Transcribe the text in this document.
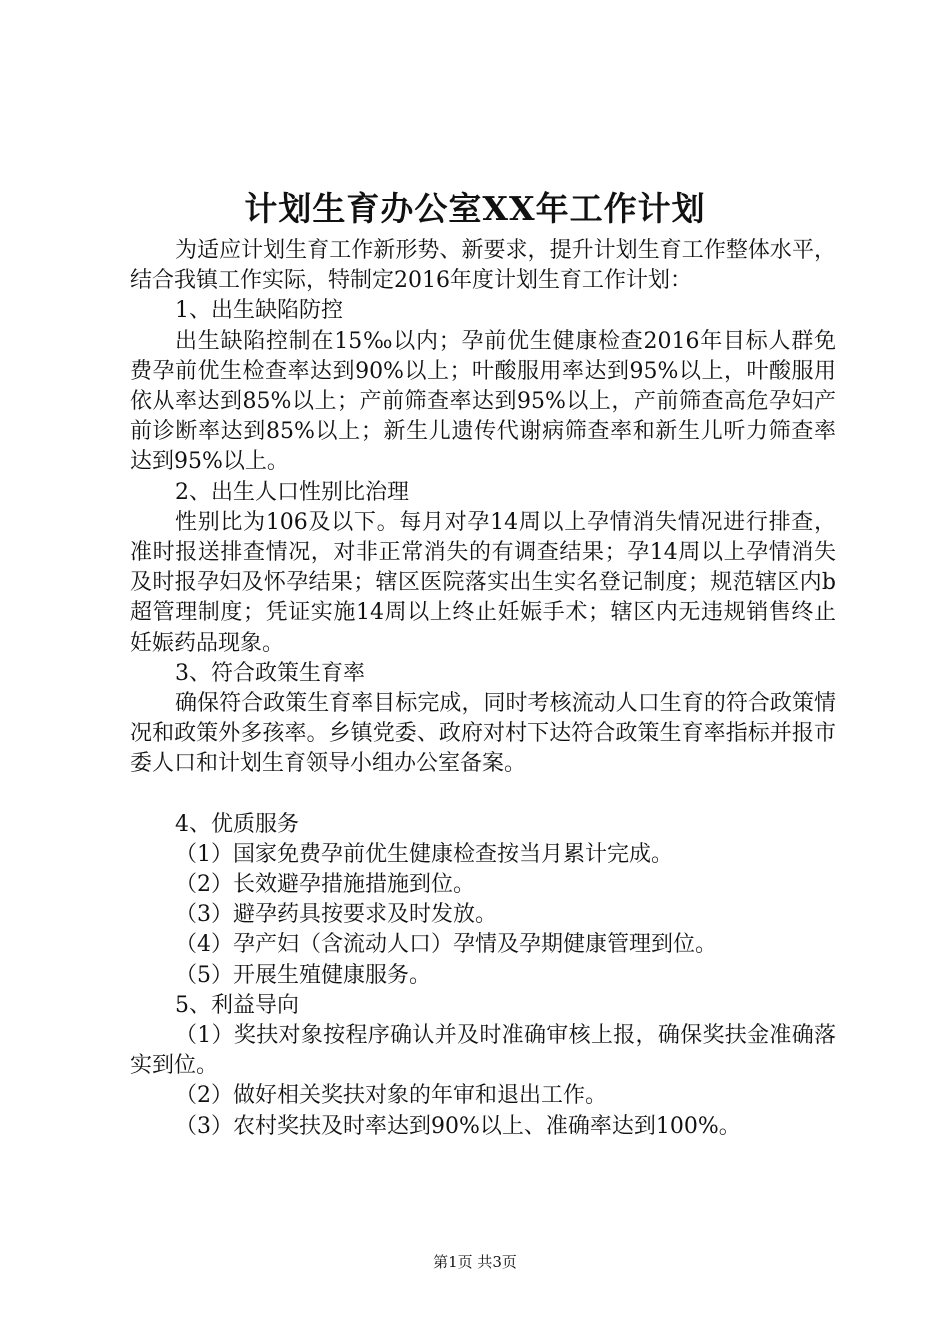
计划生育办公室XX年工作计划

为适应计划生育工作新形势、新要求，提升计划生育工作整体水平，结合我镇工作实际，特制定2016年度计划生育工作计划：

1、出生缺陷防控

出生缺陷控制在15‰以内；孕前优生健康检查2016年目标人群免费孕前优生检查率达到90%以上；叶酸服用率达到95%以上，叶酸服用依从率达到85%以上；产前筛查率达到95%以上，产前筛查高危孕妇产前诊断率达到85%以上；新生儿遗传代谢病筛查率和新生儿听力筛查率达到95%以上。

2、出生人口性别比治理

性别比为106及以下。每月对孕14周以上孕情消失情况进行排查，准时报送排查情况，对非正常消失的有调查结果；孕14周以上孕情消失及时报孕妇及怀孕结果；辖区医院落实出生实名登记制度；规范辖区内b超管理制度；凭证实施14周以上终止妊娠手术；辖区内无违规销售终止妊娠药品现象。

3、符合政策生育率

确保符合政策生育率目标完成，同时考核流动人口生育的符合政策情况和政策外多孩率。乡镇党委、政府对村下达符合政策生育率指标并报市委人口和计划生育领导小组办公室备案。

4、优质服务

（1）国家免费孕前优生健康检查按当月累计完成。

（2）长效避孕措施措施到位。

（3）避孕药具按要求及时发放。

（4）孕产妇（含流动人口）孕情及孕期健康管理到位。

（5）开展生殖健康服务。

5、利益导向

（1）奖扶对象按程序确认并及时准确审核上报，确保奖扶金准确落实到位。

（2）做好相关奖扶对象的年审和退出工作。

（3）农村奖扶及时率达到90%以上、准确率达到100%。

第1页 共3页
